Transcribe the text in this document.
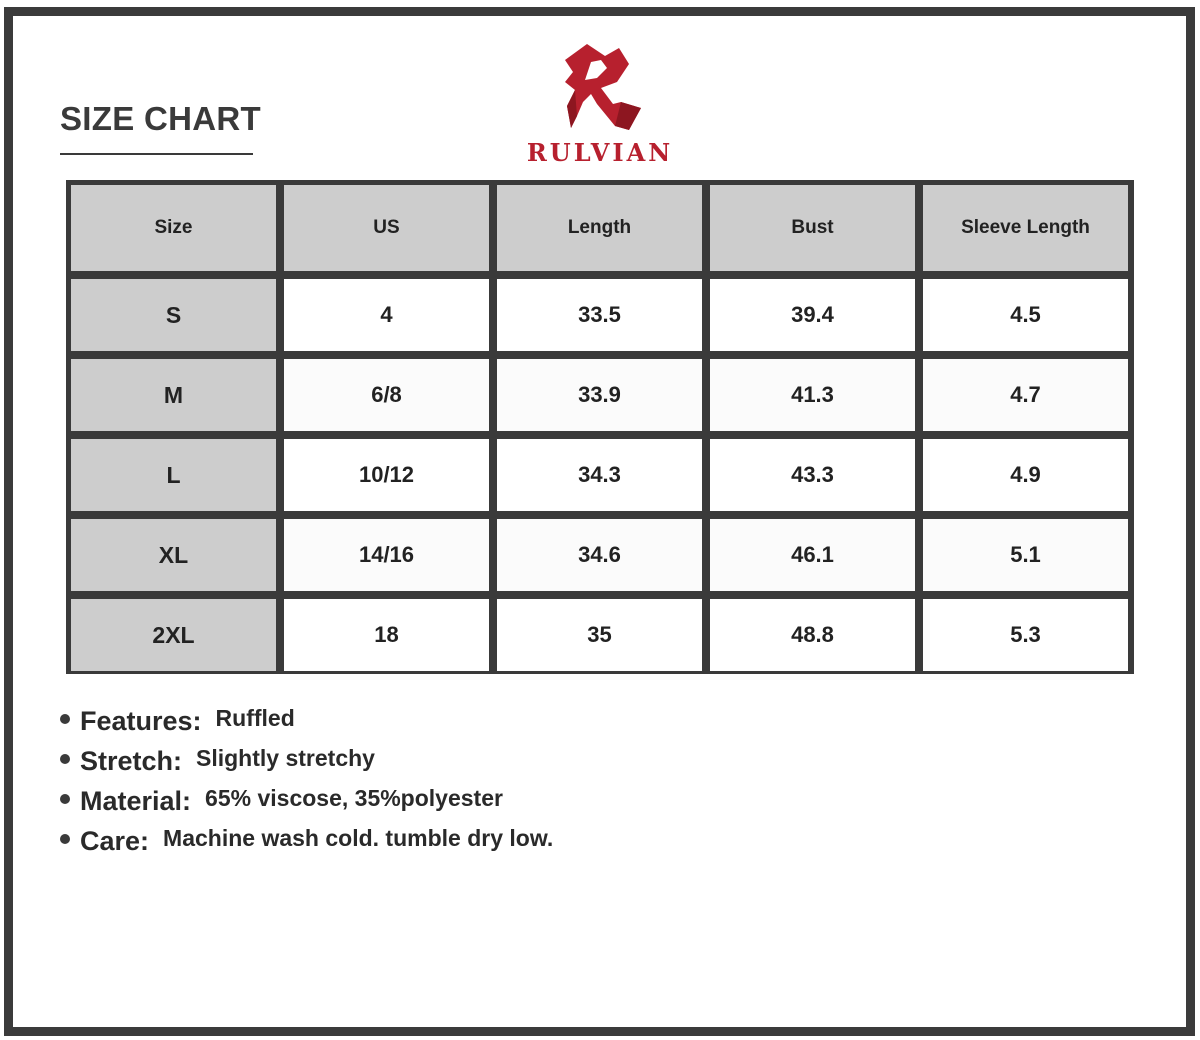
SIZE CHART
RULVIAN
Size	US	Length	Bust	Sleeve Length
S	4	33.5	39.4	4.5
M	6/8	33.9	41.3	4.7
L	10/12	34.3	43.3	4.9
XL	14/16	34.6	46.1	5.1
2XL	18	35	48.8	5.3
Features: Ruffled
Stretch: Slightly stretchy
Material: 65% viscose, 35%polyester
Care: Machine wash cold. tumble dry low.
